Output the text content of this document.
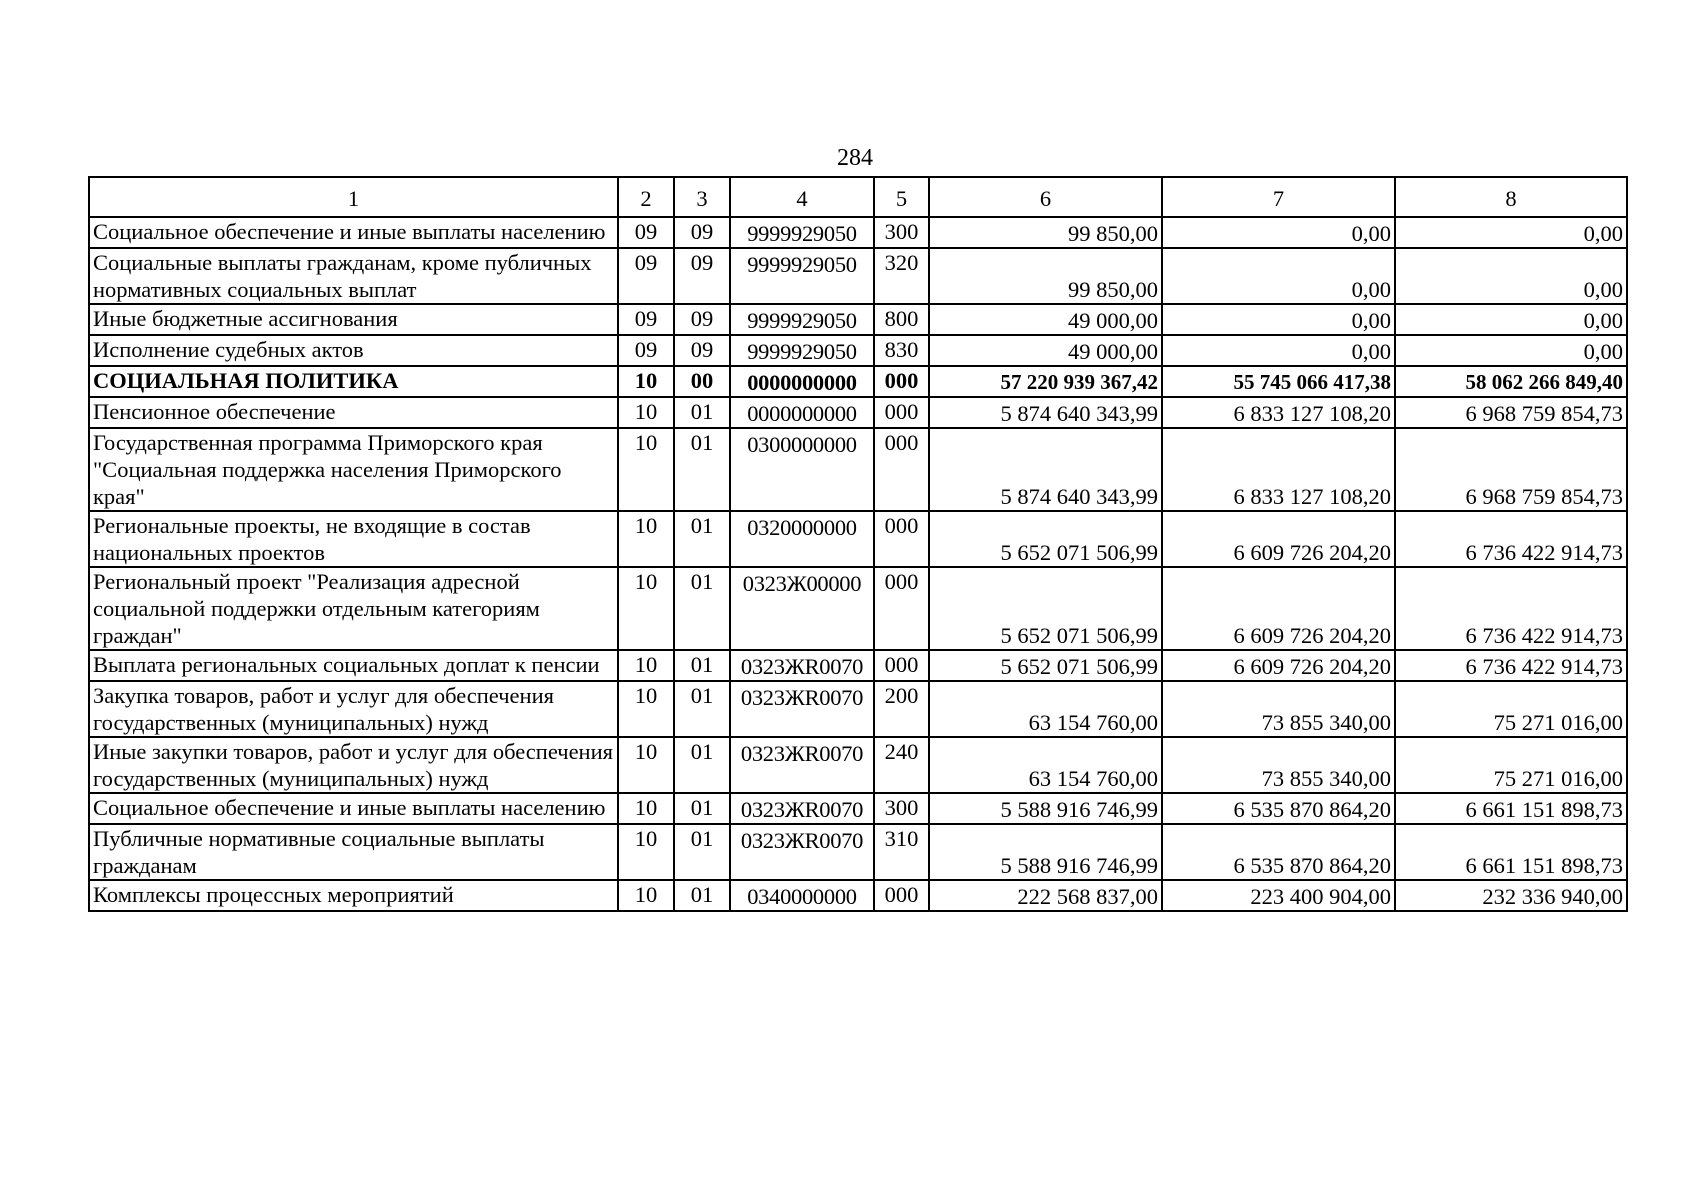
284
1	2	3	4	5	6	7	8
Социальное обеспечение и иные выплаты населению	09	09	9999929050	300	99 850,00	0,00	0,00
Социальные выплаты гражданам, кроме публичных нормативных социальных выплат	09	09	9999929050	320	99 850,00	0,00	0,00
Иные бюджетные ассигнования	09	09	9999929050	800	49 000,00	0,00	0,00
Исполнение судебных актов	09	09	9999929050	830	49 000,00	0,00	0,00
СОЦИАЛЬНАЯ ПОЛИТИКА	10	00	0000000000	000	57 220 939 367,42	55 745 066 417,38	58 062 266 849,40
Пенсионное обеспечение	10	01	0000000000	000	5 874 640 343,99	6 833 127 108,20	6 968 759 854,73
Государственная программа Приморского края "Социальная поддержка населения Приморского края"	10	01	0300000000	000	5 874 640 343,99	6 833 127 108,20	6 968 759 854,73
Региональные проекты, не входящие в состав национальных проектов	10	01	0320000000	000	5 652 071 506,99	6 609 726 204,20	6 736 422 914,73
Региональный проект "Реализация адресной социальной поддержки отдельным категориям граждан"	10	01	0323Ж00000	000	5 652 071 506,99	6 609 726 204,20	6 736 422 914,73
Выплата региональных социальных доплат к пенсии	10	01	0323ЖR0070	000	5 652 071 506,99	6 609 726 204,20	6 736 422 914,73
Закупка товаров, работ и услуг для обеспечения государственных (муниципальных) нужд	10	01	0323ЖR0070	200	63 154 760,00	73 855 340,00	75 271 016,00
Иные закупки товаров, работ и услуг для обеспечения государственных (муниципальных) нужд	10	01	0323ЖR0070	240	63 154 760,00	73 855 340,00	75 271 016,00
Социальное обеспечение и иные выплаты населению	10	01	0323ЖR0070	300	5 588 916 746,99	6 535 870 864,20	6 661 151 898,73
Публичные нормативные социальные выплаты гражданам	10	01	0323ЖR0070	310	5 588 916 746,99	6 535 870 864,20	6 661 151 898,73
Комплексы процессных мероприятий	10	01	0340000000	000	222 568 837,00	223 400 904,00	232 336 940,00
